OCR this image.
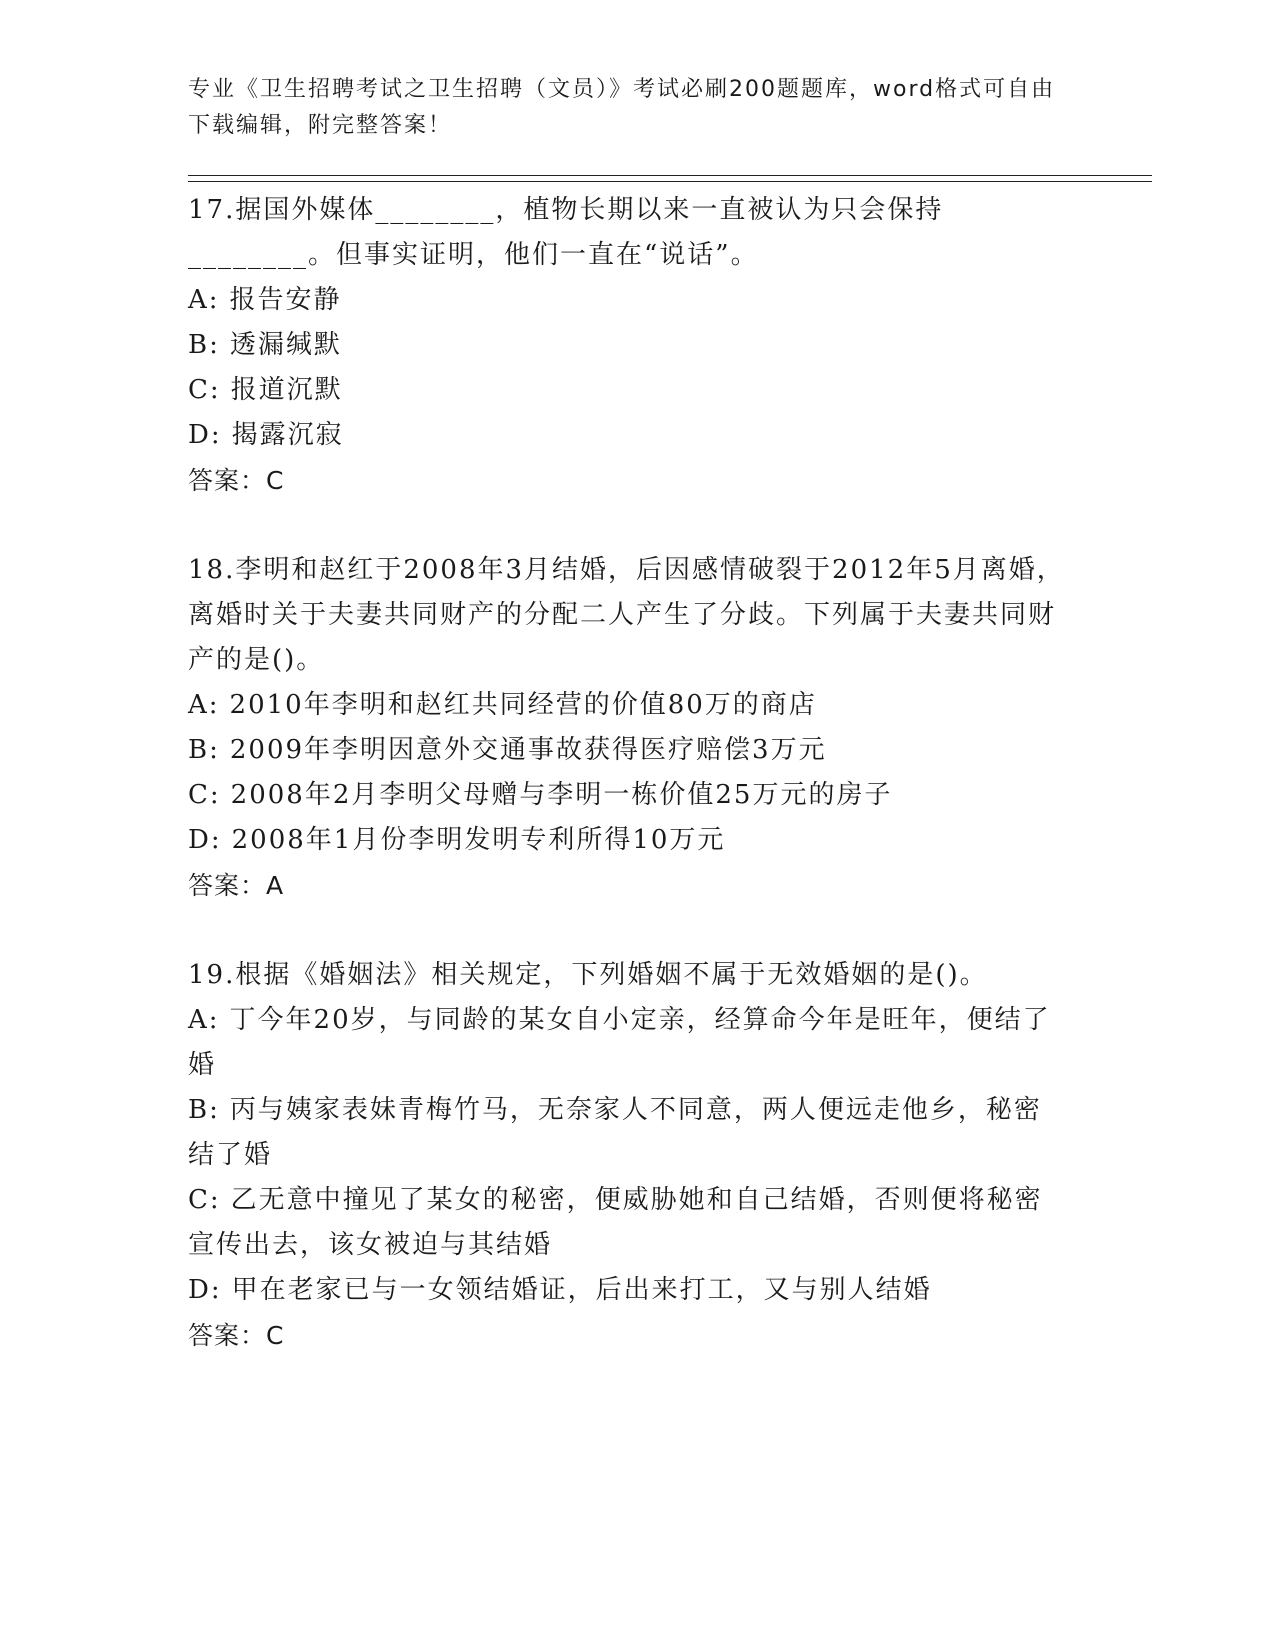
专业《卫生招聘考试之卫生招聘（文员）》考试必刷200题题库，word格式可自由下载编辑，附完整答案！

17.据国外媒体________，植物长期以来一直被认为只会保持________。但事实证明，他们一直在“说话”。

A: 报告安静

B: 透漏缄默

C: 报道沉默

D: 揭露沉寂

答案：C

18.李明和赵红于2008年3月结婚，后因感情破裂于2012年5月离婚，离婚时关于夫妻共同财产的分配二人产生了分歧。下列属于夫妻共同财产的是()。

A: 2010年李明和赵红共同经营的价值80万的商店

B: 2009年李明因意外交通事故获得医疗赔偿3万元

C: 2008年2月李明父母赠与李明一栋价值25万元的房子

D: 2008年1月份李明发明专利所得10万元

答案：A

19.根据《婚姻法》相关规定，下列婚姻不属于无效婚姻的是()。

A: 丁今年20岁，与同龄的某女自小定亲，经算命今年是旺年，便结了婚

B: 丙与姨家表妹青梅竹马，无奈家人不同意，两人便远走他乡，秘密结了婚

C: 乙无意中撞见了某女的秘密，便威胁她和自己结婚，否则便将秘密宣传出去，该女被迫与其结婚

D: 甲在老家已与一女领结婚证，后出来打工，又与别人结婚

答案：C
